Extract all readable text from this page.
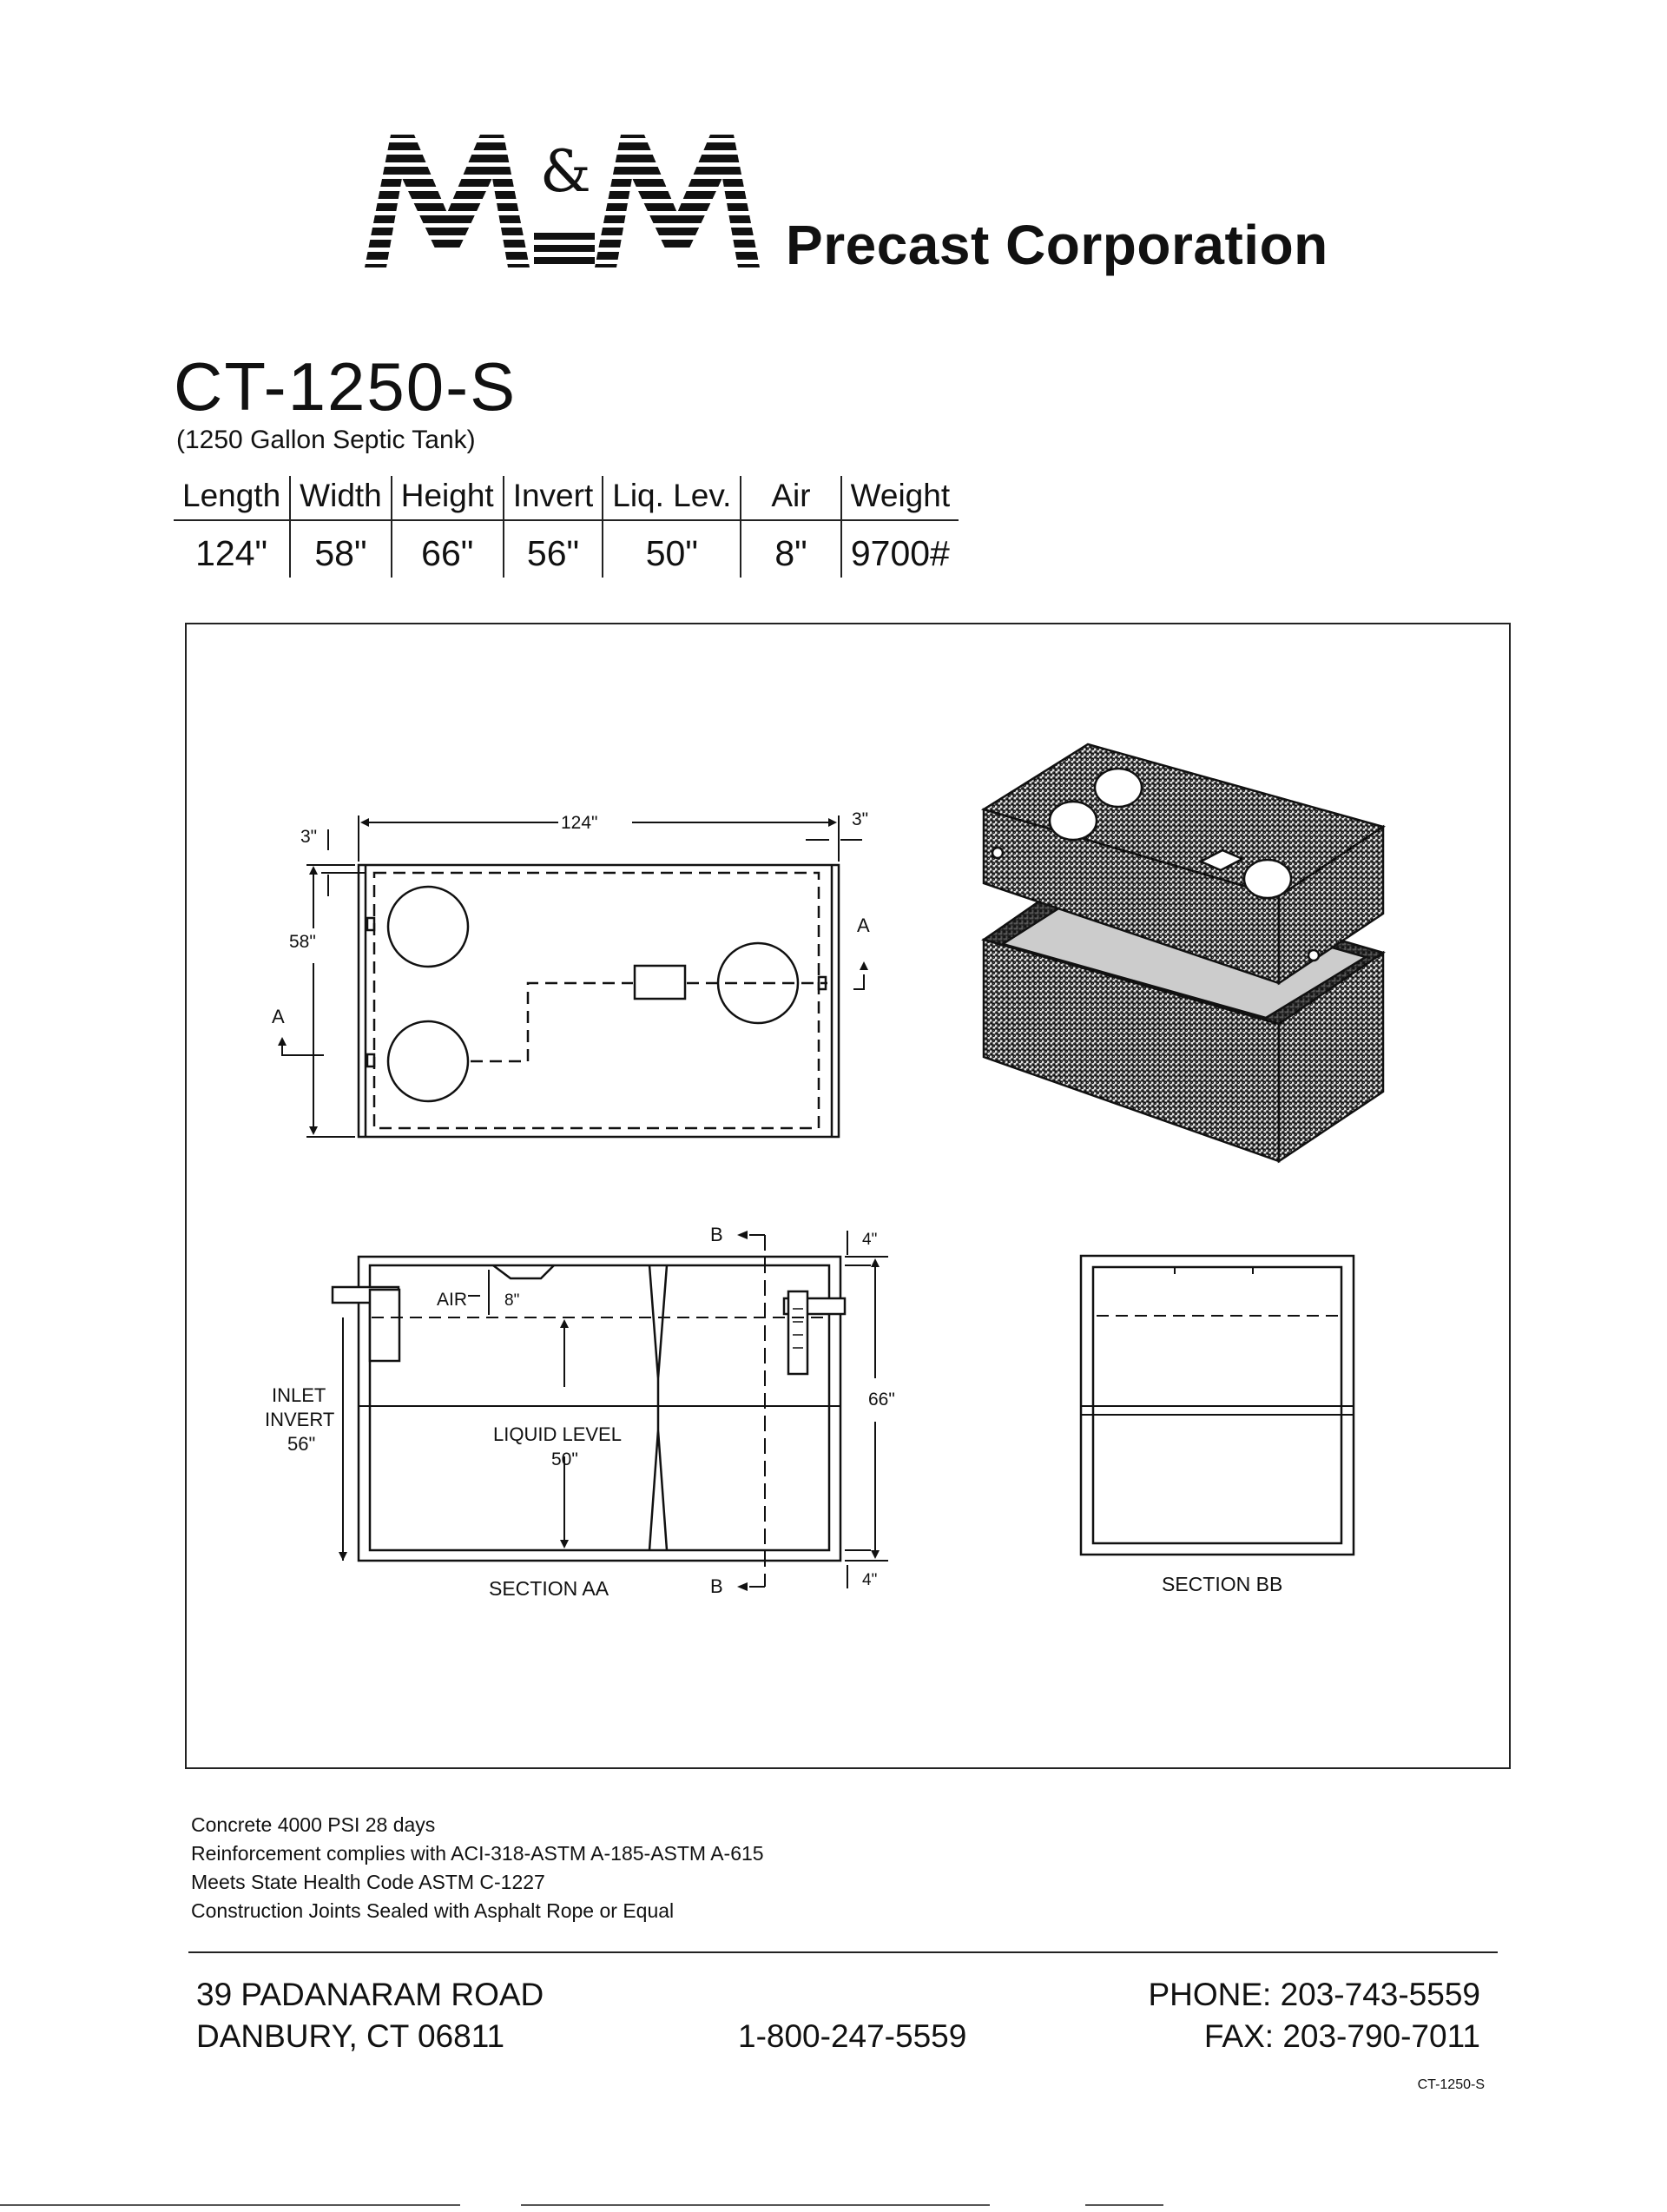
&
Precast Corporation
CT-1250-S
(1250 Gallon Septic Tank)
Length	Width	Height	Invert	Liq. Lev.	Air	Weight
124"	58"	66"	56"	50"	8"	9700#
124"	3"
3"
58"
A
A
AIR 8"
4"
4"
66"
INLET
INVERT
56"	LIQUID LEVEL
50"
B
B
SECTION AA	SECTION BB
Concrete 4000 PSI 28 days
Reinforcement complies with ACI-318-ASTM A-185-ASTM A-615
Meets State Health Code ASTM C-1227
Construction Joints Sealed with Asphalt Rope or Equal
39 PADANARAM ROAD
DANBURY, CT 06811	1-800-247-5559
PHONE: 203-743-5559
FAX: 203-790-7011
CT-1250-S
